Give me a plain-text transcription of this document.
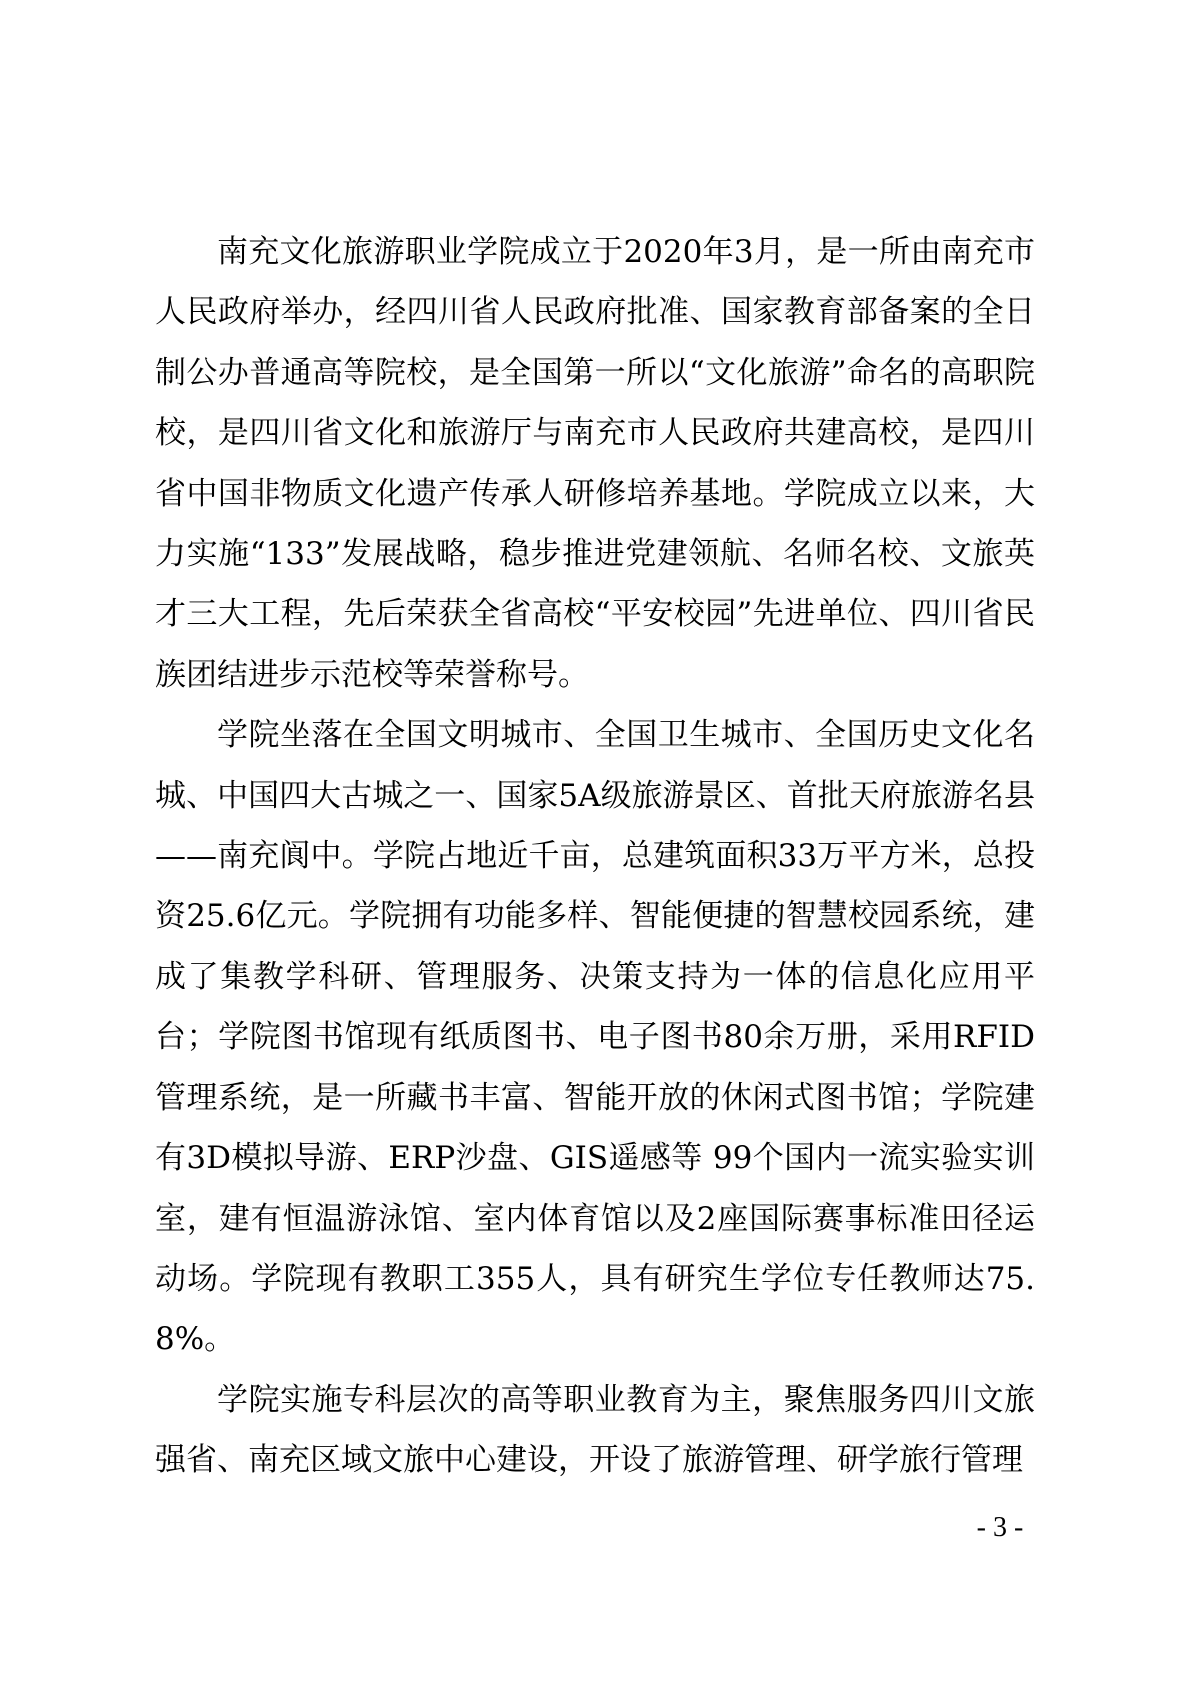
南充文化旅游职业学院成立于2020年3月，是一所由南充市人民政府举办，经四川省人民政府批准、国家教育部备案的全日制公办普通高等院校，是全国第一所以“文化旅游”命名的高职院校，是四川省文化和旅游厅与南充市人民政府共建高校，是四川省中国非物质文化遗产传承人研修培养基地。学院成立以来，大力实施“133”发展战略，稳步推进党建领航、名师名校、文旅英才三大工程，先后荣获全省高校“平安校园”先进单位、四川省民族团结进步示范校等荣誉称号。

学院坐落在全国文明城市、全国卫生城市、全国历史文化名城、中国四大古城之一、国家5A级旅游景区、首批天府旅游名县——南充阆中。学院占地近千亩，总建筑面积33万平方米，总投资25.6亿元。学院拥有功能多样、智能便捷的智慧校园系统，建成了集教学科研、管理服务、决策支持为一体的信息化应用平台；学院图书馆现有纸质图书、电子图书80余万册，采用RFID管理系统，是一所藏书丰富、智能开放的休闲式图书馆；学院建有3D模拟导游、ERP沙盘、GIS遥感等 99个国内一流实验实训室，建有恒温游泳馆、室内体育馆以及2座国际赛事标准田径运动场。学院现有教职工355人，具有研究生学位专任教师达75.8%。

学院实施专科层次的高等职业教育为主，聚焦服务四川文旅强省、南充区域文旅中心建设，开设了旅游管理、研学旅行管理

- 3 -
